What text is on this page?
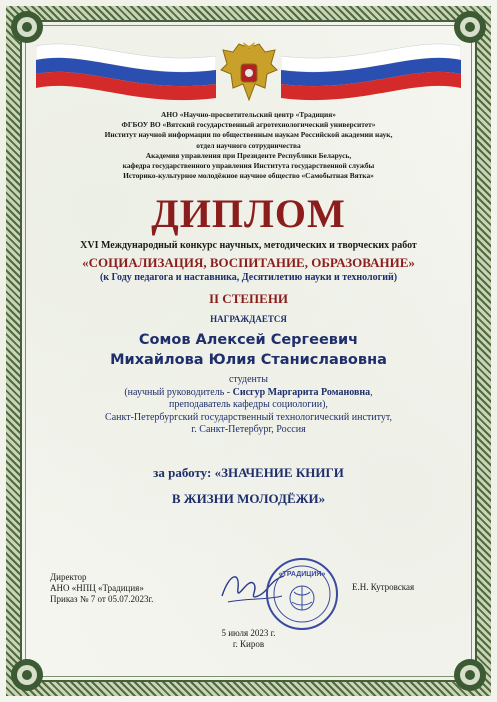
АНО «Научно-просветительский центр «Традиция»
ФГБОУ ВО «Вятский государственный агротехнологический университет»
Институт научной информации по общественным наукам Российской академии наук,
отдел научного сотрудничества
Академия управления при Президенте Республики Беларусь,
кафедра государственного управления Института государственной службы
Историко-культурное молодёжное научное общество «Самобытная Вятка»
ДИПЛОМ
XVI Международный конкурс научных, методических и творческих работ
«СОЦИАЛИЗАЦИЯ, ВОСПИТАНИЕ, ОБРАЗОВАНИЕ»
(к Году педагога и наставника, Десятилетию науки и технологий)
II СТЕПЕНИ
НАГРАЖДАЕТСЯ
Сомов Алексей Сергеевич
Михайлова Юлия Станиславовна
студенты
(научный руководитель - Сисгур Маргарита Романовна,
преподаватель кафедры социологии),
Санкт-Петербургский государственный технологический институт,
г. Санкт-Петербург, Россия
за работу: «ЗНАЧЕНИЕ КНИГИ
В ЖИЗНИ МОЛОДЁЖИ»
Директор
АНО «НПЦ «Традиция»
Приказ № 7 от 05.07.2023г.
«ТРАДИЦИЯ»
Е.Н. Кутровская
5 июля 2023 г.
г. Киров
